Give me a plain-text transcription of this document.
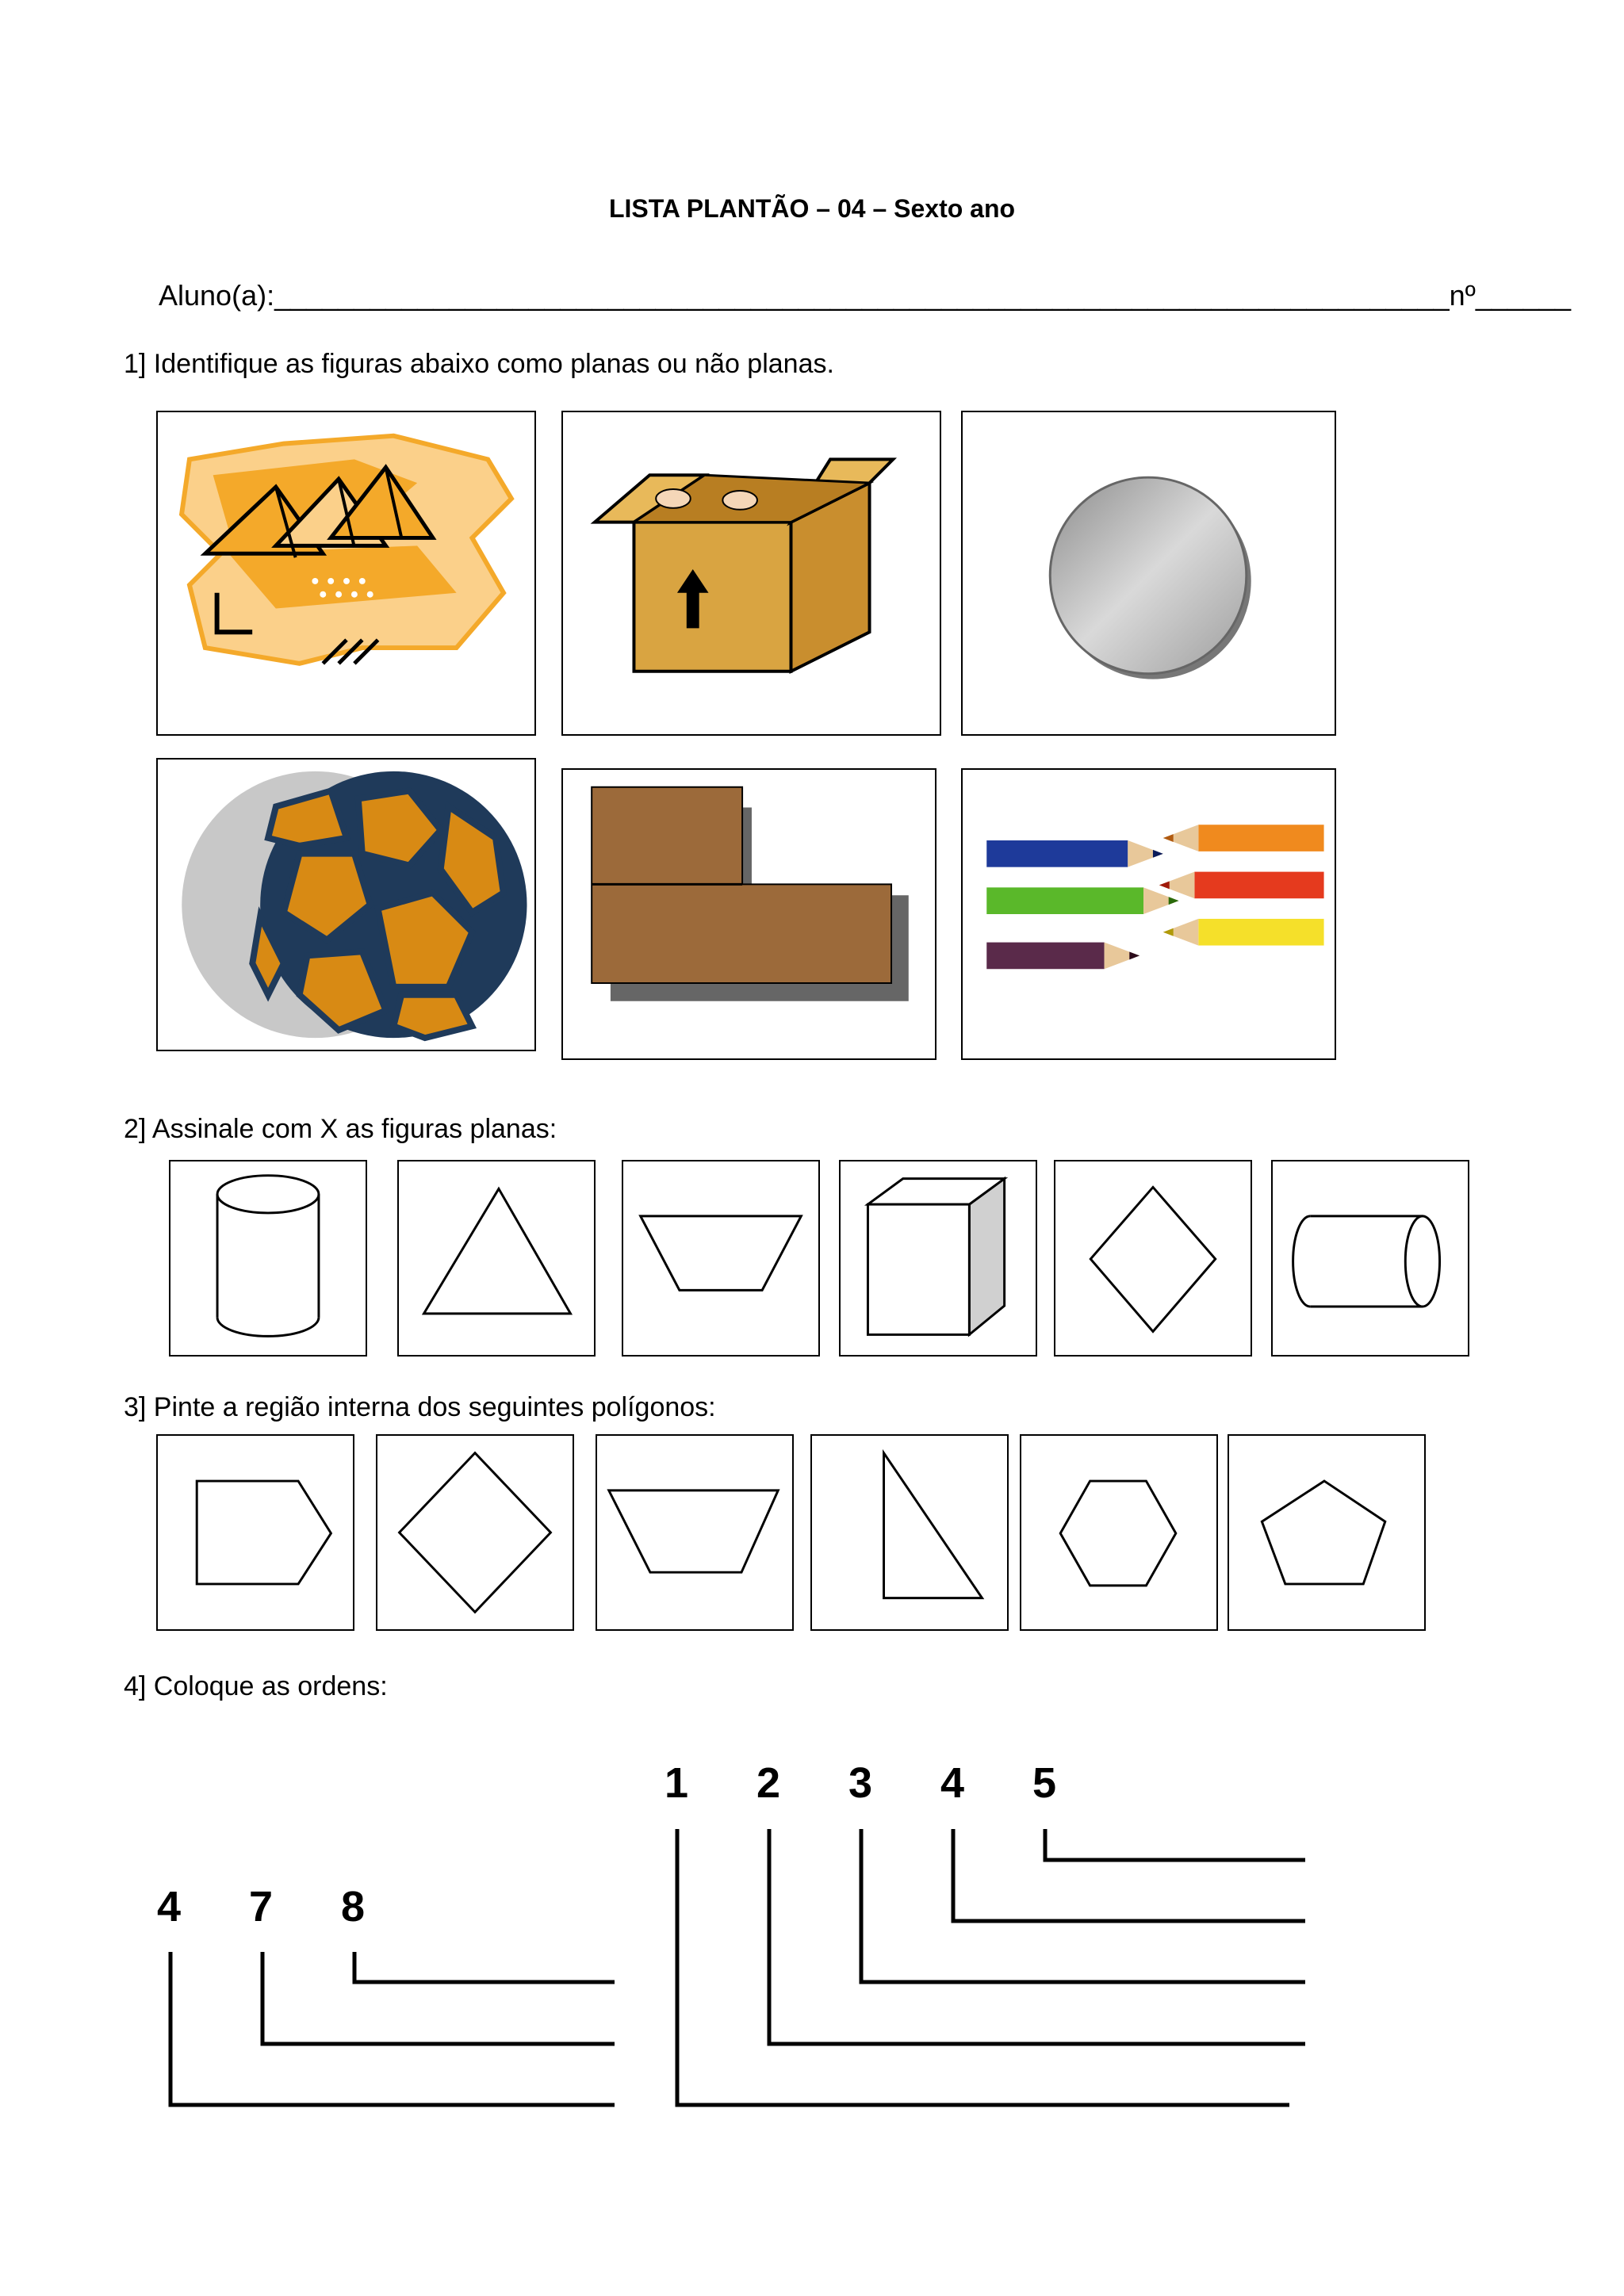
LISTA PLANTÃO – 04 – Sexto ano
Aluno(a):__________________________________________________________________________nº______
1] Identifique as figuras abaixo como planas ou não planas.
2] Assinale com X as figuras planas:
3] Pinte a região interna dos seguintes polígonos:
4] Coloque as ordens:
4 7 8
1 2 3 4 5
